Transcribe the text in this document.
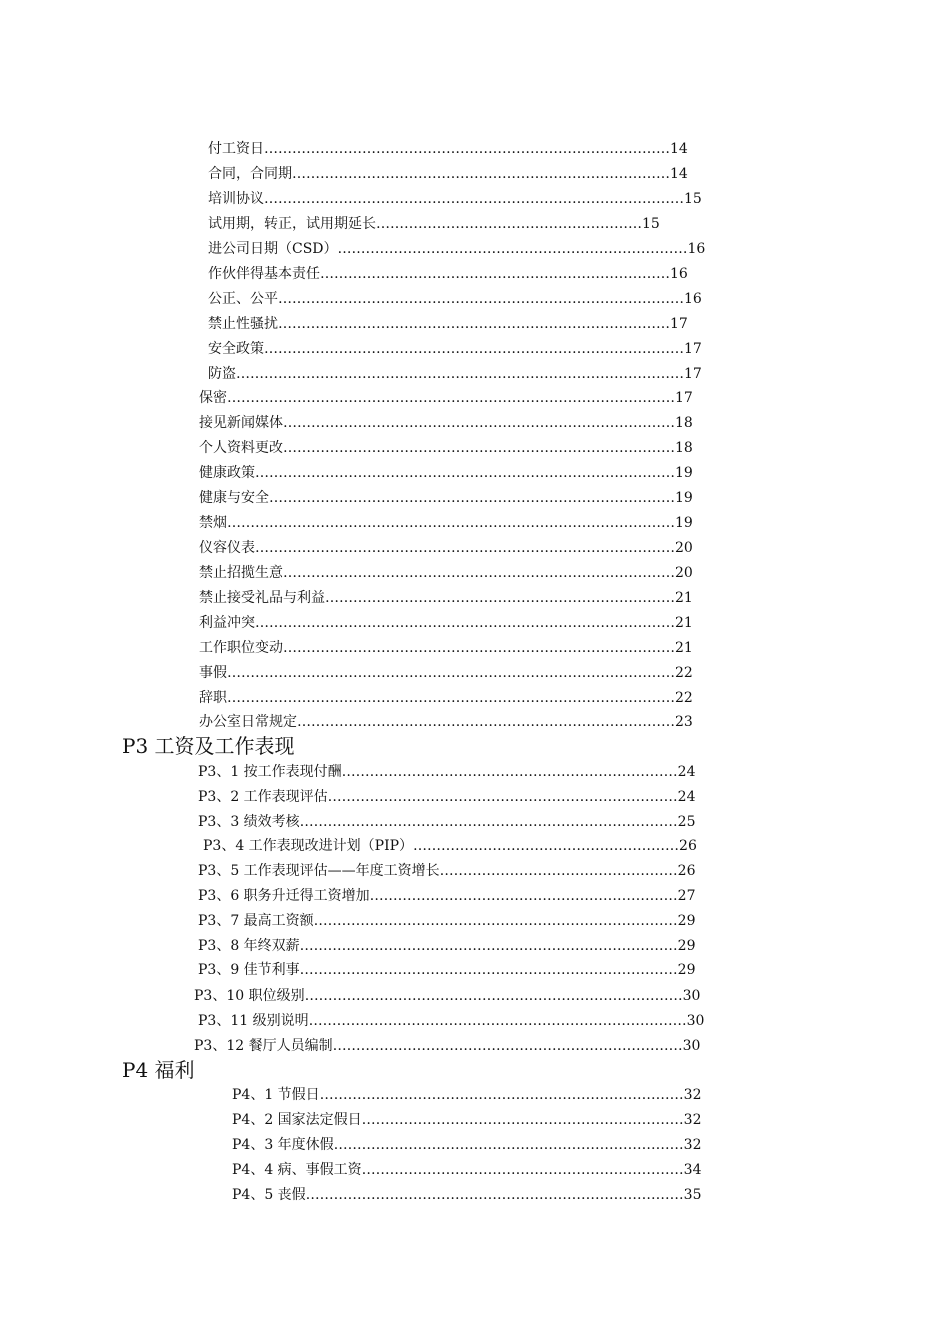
付工资日……………………………………………………………………………14
合同，合同期………………………………………………………………………14
培训协议………………………………………………………………………………15
试用期，转正，试用期延长…………………………………………………15
进公司日期（CSD）…………………………………………………………………16
作伙伴得基本责任…………………………………………………………………16
公正、公平……………………………………………………………………………16
禁止性骚扰…………………………………………………………………………17
安全政策………………………………………………………………………………17
防盗……………………………………………………………………………………17
保密……………………………………………………………………………………17
接见新闻媒体…………………………………………………………………………18
个人资料更改…………………………………………………………………………18
健康政策………………………………………………………………………………19
健康与安全……………………………………………………………………………19
禁烟……………………………………………………………………………………19
仪容仪表………………………………………………………………………………20
禁止招揽生意…………………………………………………………………………20
禁止接受礼品与利益…………………………………………………………………21
利益冲突………………………………………………………………………………21
工作职位变动…………………………………………………………………………21
事假……………………………………………………………………………………22
辞职……………………………………………………………………………………22
办公室日常规定………………………………………………………………………23
P3 工资及工作表现
P3、1 按工作表现付酬………………………………………………………………24
P3、2 工作表现评估…………………………………………………………………24
P3、3 绩效考核………………………………………………………………………25
P3、4 工作表现改进计划（PIP）…………………………………………………26
P3、5 工作表现评估——年度工资增长……………………………………………26
P3、6 职务升迁得工资增加…………………………………………………………27
P3、7 最高工资额……………………………………………………………………29
P3、8 年终双薪………………………………………………………………………29
P3、9 佳节利事………………………………………………………………………29
P3、10 职位级别………………………………………………………………………30
P3、11 级别说明………………………………………………………………………30
P3、12 餐厅人员编制…………………………………………………………………30
P4 福利
P4、1 节假日……………………………………………………………………32
P4、2 国家法定假日……………………………………………………………32
P4、3 年度休假…………………………………………………………………32
P4、4 病、事假工资……………………………………………………………34
P4、5 丧假………………………………………………………………………35
